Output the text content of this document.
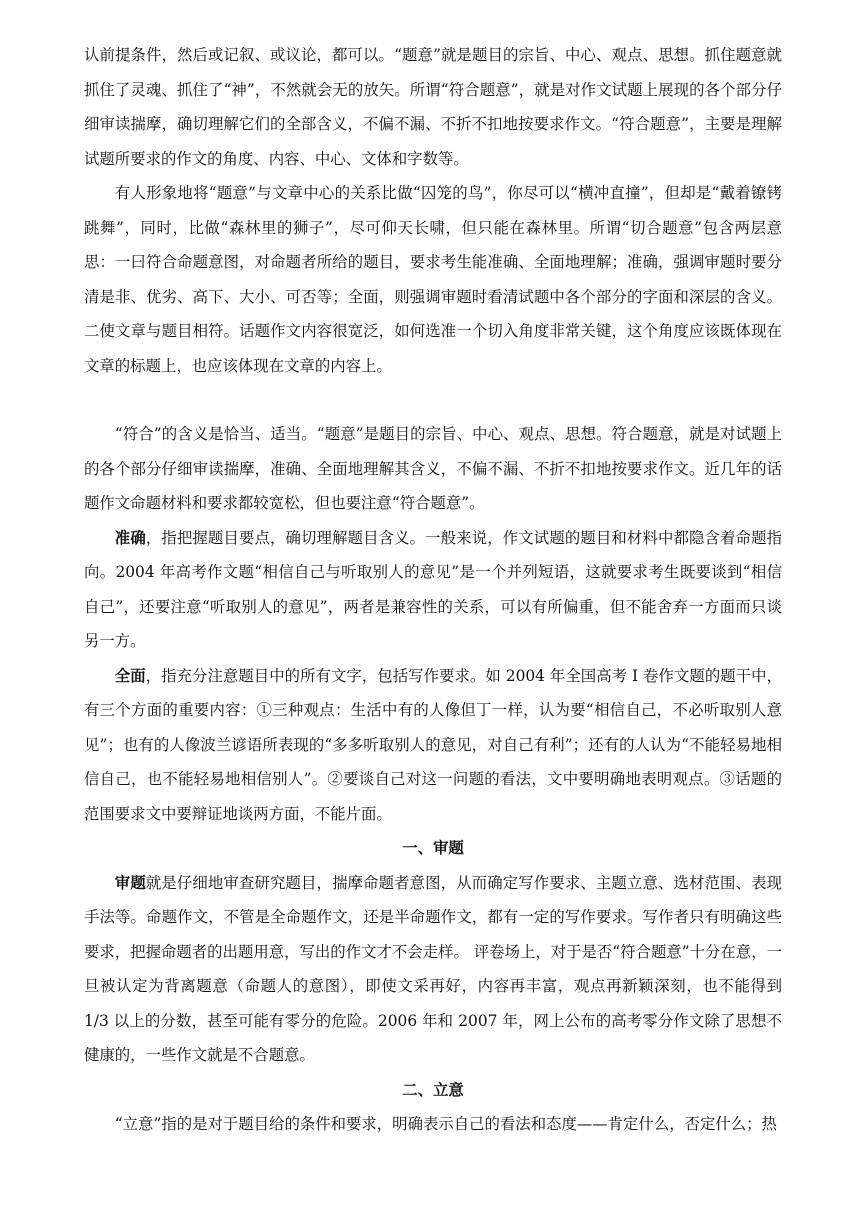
认前提条件，然后或记叙、或议论，都可以。“题意”就是题目的宗旨、中心、观点、思想。抓住题意就抓住了灵魂、抓住了“神”，不然就会无的放矢。所谓“符合题意”，就是对作文试题上展现的各个部分仔细审读揣摩，确切理解它们的全部含义，不偏不漏、不折不扣地按要求作文。“符合题意”，主要是理解试题所要求的作文的角度、内容、中心、文体和字数等。

有人形象地将“题意”与文章中心的关系比做“囚笼的鸟”，你尽可以“横冲直撞”，但却是“戴着镣铐跳舞”，同时，比做“森林里的狮子”，尽可仰天长啸，但只能在森林里。所谓“切合题意”包含两层意思：一曰符合命题意图，对命题者所给的题目，要求考生能准确、全面地理解；准确，强调审题时要分清是非、优劣、高下、大小、可否等；全面，则强调审题时看清试题中各个部分的字面和深层的含义。二使文章与题目相符。话题作文内容很宽泛，如何选准一个切入角度非常关键，这个角度应该既体现在文章的标题上，也应该体现在文章的内容上。

“符合”的含义是恰当、适当。“题意”是题目的宗旨、中心、观点、思想。符合题意，就是对试题上的各个部分仔细审读揣摩，准确、全面地理解其含义，不偏不漏、不折不扣地按要求作文。近几年的话题作文命题材料和要求都较宽松，但也要注意“符合题意”。

准确，指把握题目要点，确切理解题目含义。一般来说，作文试题的题目和材料中都隐含着命题指向。2004 年高考作文题“相信自己与听取别人的意见”是一个并列短语，这就要求考生既要谈到“相信自己”，还要注意“听取别人的意见”，两者是兼容性的关系，可以有所偏重，但不能舍弃一方面而只谈另一方。

全面，指充分注意题目中的所有文字，包括写作要求。如 2004 年全国高考 I 卷作文题的题干中，有三个方面的重要内容：①三种观点：生活中有的人像但丁一样，认为要“相信自己，不必听取别人意见”；也有的人像波兰谚语所表现的“多多听取别人的意见，对自己有利”；还有的人认为“不能轻易地相信自己，也不能轻易地相信别人”。②要谈自己对这一问题的看法，文中要明确地表明观点。③话题的范围要求文中要辩证地谈两方面，不能片面。

一、审题

审题就是仔细地审查研究题目，揣摩命题者意图，从而确定写作要求、主题立意、选材范围、表现手法等。命题作文，不管是全命题作文，还是半命题作文，都有一定的写作要求。写作者只有明确这些要求，把握命题者的出题用意，写出的作文才不会走样。 评卷场上，对于是否“符合题意”十分在意，一旦被认定为背离题意（命题人的意图），即使文采再好，内容再丰富，观点再新颖深刻，也不能得到 1/3 以上的分数，甚至可能有零分的危险。2006 年和 2007 年，网上公布的高考零分作文除了思想不健康的，一些作文就是不合题意。

二、立意

“立意”指的是对于题目给的条件和要求，明确表示自己的看法和态度——肯定什么，否定什么；热
